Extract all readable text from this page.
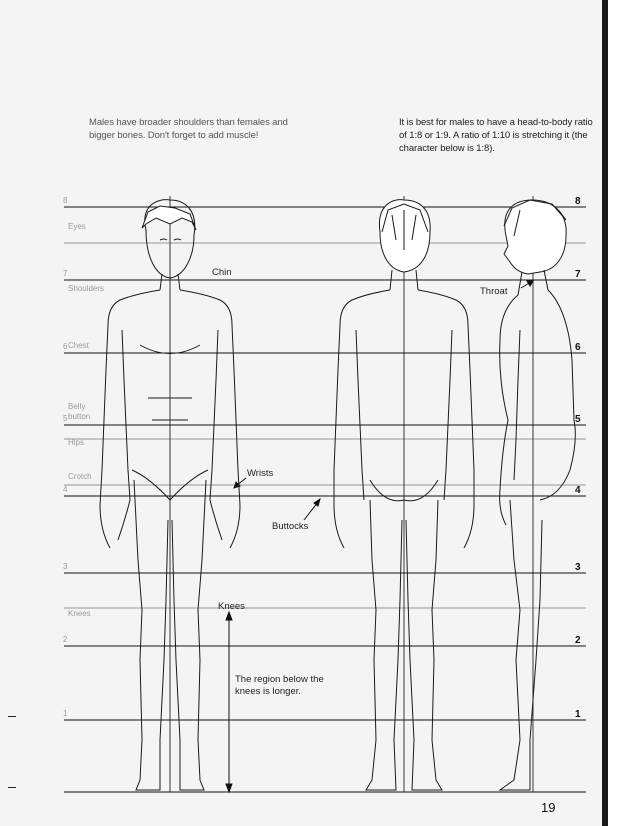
Males have broader shoulders than females and bigger bones. Don't forget to add muscle!
It is best for males to have a head-to-body ratio of 1:8 or 1:9. A ratio of 1:10 is stretching it (the character below is 1:8).
Eyes
Shoulders
Chest
Belly button
Hips
Crotch
Knees
8
7
6
5
4
3
2
1
8
7
6
5
4
3
2
1
Chin
Throat
Wrists
Buttocks
Knees
The region below the knees is longer.
19
